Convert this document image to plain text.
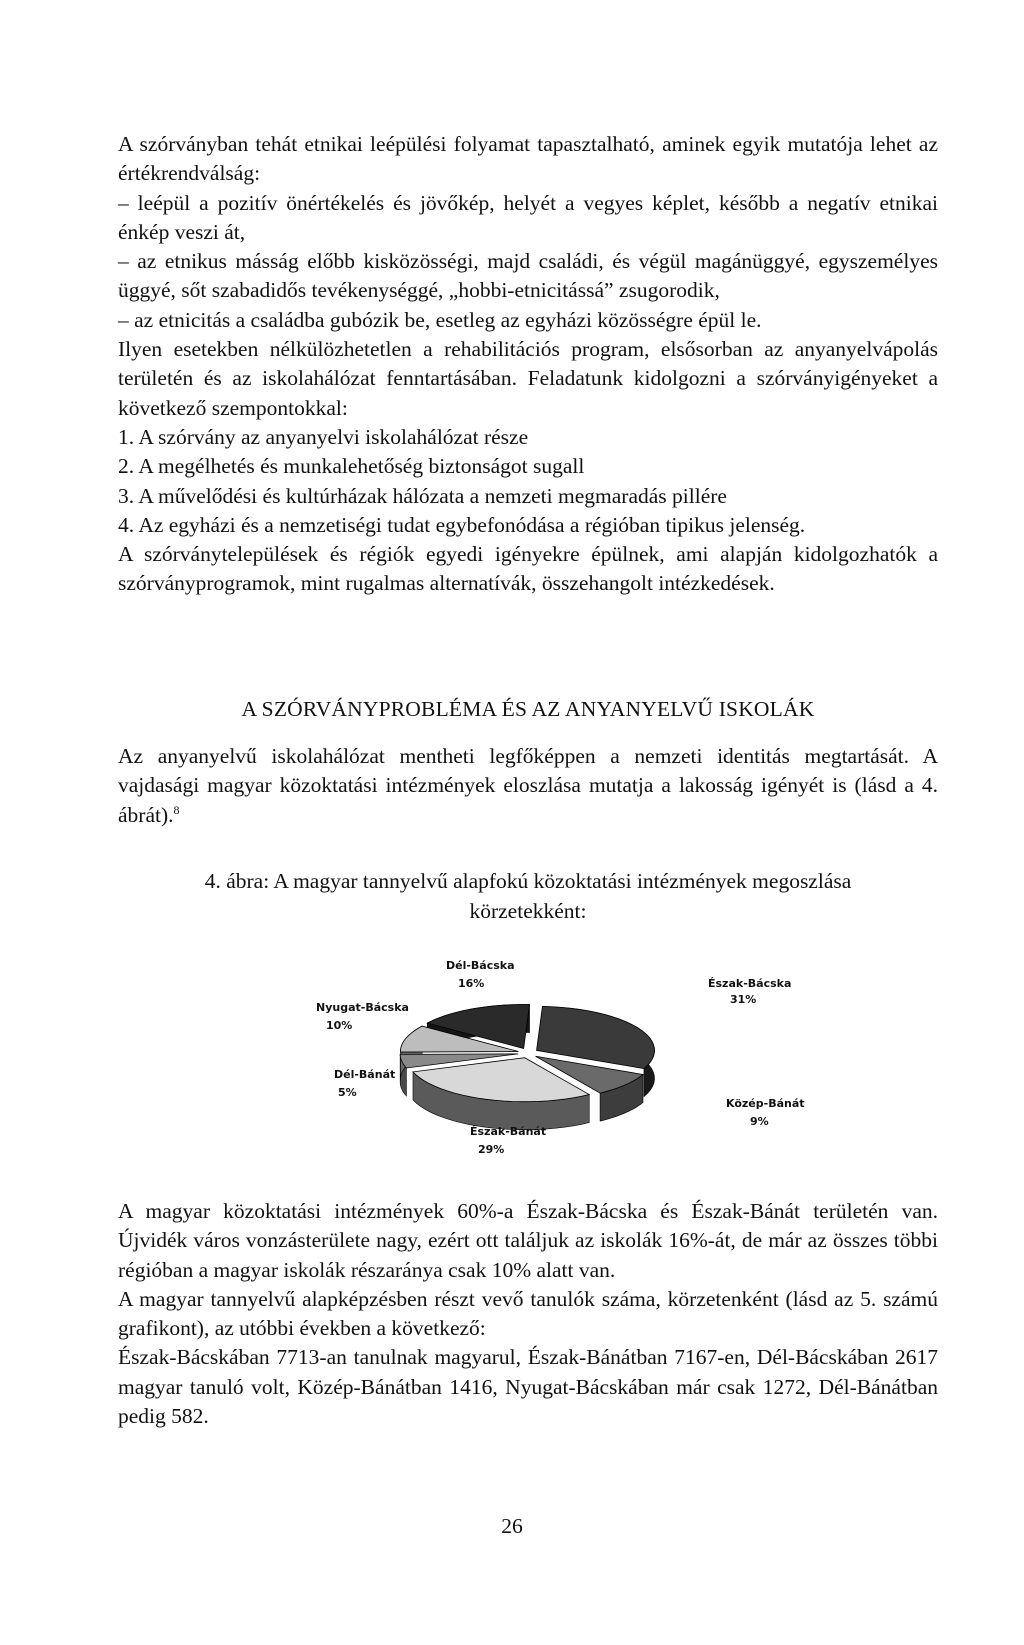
A szórványban tehát etnikai leépülési folyamat tapasztalható, aminek egyik mutatója lehet az értékrendválság:

– leépül a pozitív önértékelés és jövőkép, helyét a vegyes képlet, később a negatív etnikai énkép veszi át,

– az etnikus másság előbb kisközösségi, majd családi, és végül magánüggyé, egyszemélyes üggyé, sőt szabadidős tevékenységgé, „hobbi-etnicitássá” zsugorodik,

– az etnicitás a családba gubózik be, esetleg az egyházi közösségre épül le.

Ilyen esetekben nélkülözhetetlen a rehabilitációs program, elsősorban az anyanyelvápolás területén és az iskolahálózat fenntartásában. Feladatunk kidolgozni a szórványigényeket a következő szempontokkal:

1. A szórvány az anyanyelvi iskolahálózat része

2. A megélhetés és munkalehetőség biztonságot sugall

3. A művelődési és kultúrházak hálózata a nemzeti megmaradás pillére

4. Az egyházi és a nemzetiségi tudat egybefonódása a régióban tipikus jelenség.

A szórványtelepülések és régiók egyedi igényekre épülnek, ami alapján kidolgozhatók a szórványprogramok, mint rugalmas alternatívák, összehangolt intézkedések.

A SZÓRVÁNYPROBLÉMA ÉS AZ ANYANYELVŰ ISKOLÁK

Az anyanyelvű iskolahálózat mentheti legfőképpen a nemzeti identitás megtartását. A vajdasági magyar közoktatási intézmények eloszlása mutatja a lakosság igényét is (lásd a 4. ábrát).$^8$

4. ábra: A magyar tannyelvű alapfokú közoktatási intézmények megoszlása
körzetekként:
Észak-Bácska
31%
Közép-Bánát
9%
Észak-Bánát
29%
Dél-Bánát
5%
Nyugat-Bácska
10%
Dél-Bácska
16%

A magyar közoktatási intézmények 60%-a Észak-Bácska és Észak-Bánát területén van. Újvidék város vonzásterülete nagy, ezért ott találjuk az iskolák 16%-át, de már az összes többi régióban a magyar iskolák részaránya csak 10% alatt van.

A magyar tannyelvű alapképzésben részt vevő tanulók száma, körzetenként (lásd az 5. számú grafikont), az utóbbi években a következő:

Észak-Bácskában 7713-an tanulnak magyarul, Észak-Bánátban 7167-en, Dél-Bácskában 2617 magyar tanuló volt, Közép-Bánátban 1416, Nyugat-Bácskában már csak 1272, Dél-Bánátban pedig 582.

26
